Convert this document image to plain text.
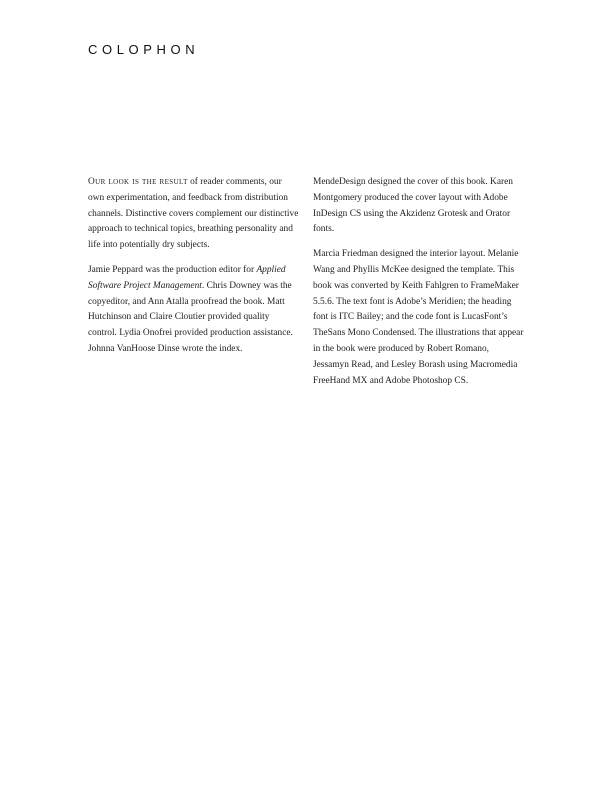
COLOPHON

Our look is the result of reader comments, our own experimentation, and feedback from distribution channels. Distinctive covers complement our distinctive approach to technical topics, breathing personality and life into potentially dry subjects.

Jamie Peppard was the production editor for Applied Software Project Management. Chris Downey was the copyeditor, and Ann Atalla proofread the book. Matt Hutchinson and Claire Cloutier provided quality control. Lydia Onofrei provided production assistance. Johnna VanHoose Dinse wrote the index.

MendeDesign designed the cover of this book. Karen Montgomery produced the cover layout with Adobe InDesign CS using the Akzidenz Grotesk and Orator fonts.

Marcia Friedman designed the interior layout. Melanie Wang and Phyllis McKee designed the template. This book was converted by Keith Fahlgren to FrameMaker 5.5.6. The text font is Adobe’s Meridien; the heading font is ITC Bailey; and the code font is LucasFont’s TheSans Mono Condensed. The illustrations that appear in the book were produced by Robert Romano, Jessamyn Read, and Lesley Borash using Macromedia FreeHand MX and Adobe Photoshop CS.
